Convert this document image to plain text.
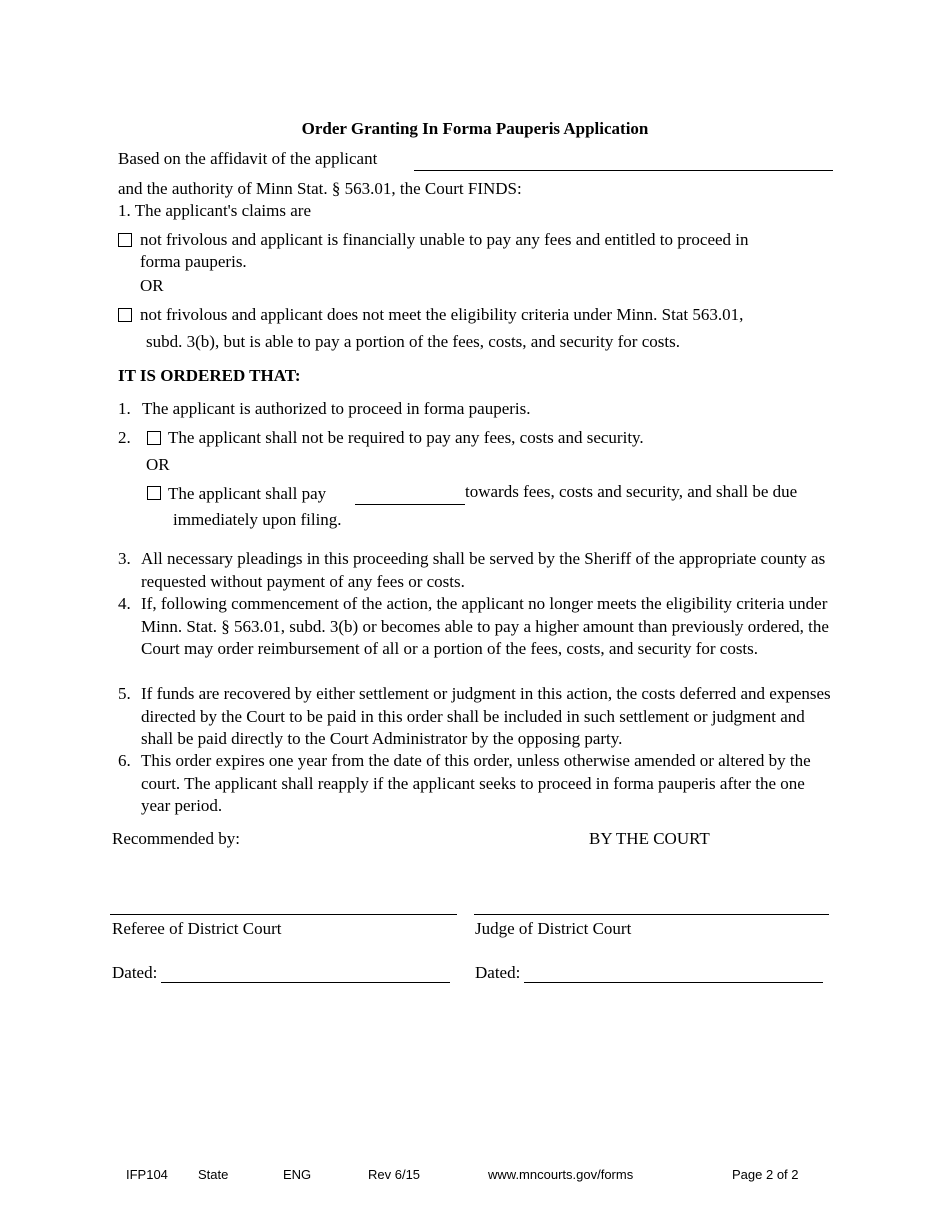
Order Granting In Forma Pauperis Application
Based on the affidavit of the applicant
and the authority of Minn Stat. § 563.01, the Court FINDS:
1. The applicant's claims are
not frivolous and applicant is financially unable to pay any fees and entitled to proceed in
forma pauperis.
OR
not frivolous and applicant does not meet the eligibility criteria under Minn. Stat 563.01,
subd. 3(b), but is able to pay a portion of the fees, costs, and security for costs.
IT IS ORDERED THAT:
1. The applicant is authorized to proceed in forma pauperis.
2. The applicant shall not be required to pay any fees, costs and security.
OR
The applicant shall pay	towards fees, costs and security, and shall be due
immediately upon filing.
3. All necessary pleadings in this proceeding shall be served by the Sheriff of the appropriate county as requested without payment of any fees or costs.
4. If, following commencement of the action, the applicant no longer meets the eligibility criteria under Minn. Stat. § 563.01, subd. 3(b) or becomes able to pay a higher amount than previously ordered, the Court may order reimbursement of all or a portion of the fees, costs, and security for costs.
5. If funds are recovered by either settlement or judgment in this action, the costs deferred and expenses directed by the Court to be paid in this order shall be included in such settlement or judgment and shall be paid directly to the Court Administrator by the opposing party.
6. This order expires one year from the date of this order, unless otherwise amended or altered by the court. The applicant shall reapply if the applicant seeks to proceed in forma pauperis after the one year period.
Recommended by:	BY THE COURT
Referee of District Court	Judge of District Court
Dated:	Dated:
IFP104 State	ENG	Rev 6/15	www.mncourts.gov/forms	Page 2 of 2
